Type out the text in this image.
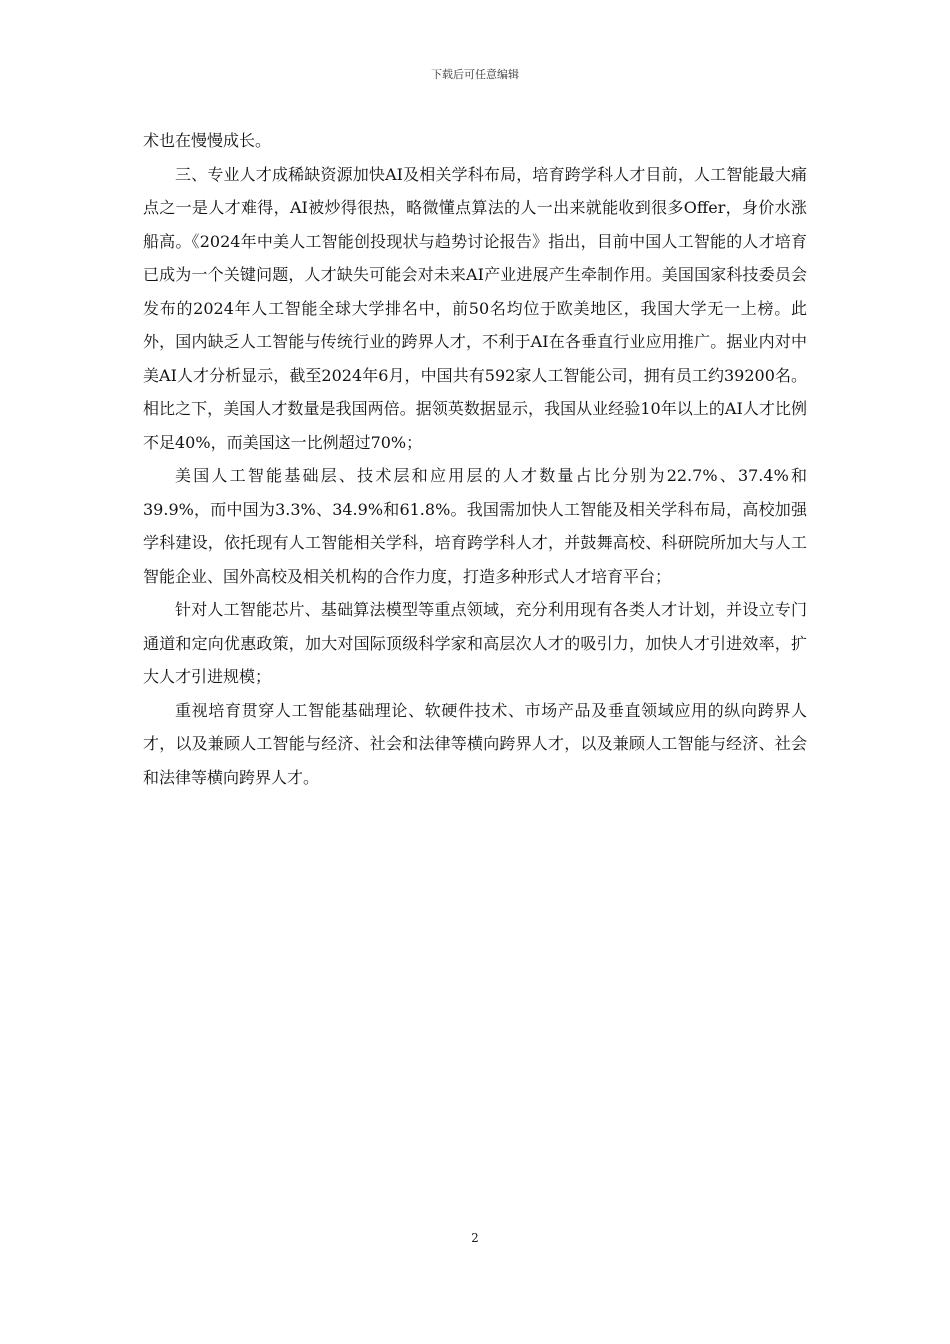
下载后可任意编辑

术也在慢慢成长。

三、专业人才成稀缺资源加快AI及相关学科布局，培育跨学科人才目前，人工智能最大痛点之一是人才难得，AI被炒得很热，略微懂点算法的人一出来就能收到很多Offer，身价水涨船高。《2024年中美人工智能创投现状与趋势讨论报告》指出，目前中国人工智能的人才培育已成为一个关键问题，人才缺失可能会对未来AI产业进展产生牵制作用。美国国家科技委员会发布的2024年人工智能全球大学排名中，前50名均位于欧美地区，我国大学无一上榜。此外，国内缺乏人工智能与传统行业的跨界人才，不利于AI在各垂直行业应用推广。据业内对中美AI人才分析显示，截至2024年6月，中国共有592家人工智能公司，拥有员工约39200名。相比之下，美国人才数量是我国两倍。据领英数据显示，我国从业经验10年以上的AI人才比例不足40%，而美国这一比例超过70%；

美国人工智能基础层、技术层和应用层的人才数量占比分别为22.7%、37.4%和39.9%，而中国为3.3%、34.9%和61.8%。我国需加快人工智能及相关学科布局，高校加强学科建设，依托现有人工智能相关学科，培育跨学科人才，并鼓舞高校、科研院所加大与人工智能企业、国外高校及相关机构的合作力度，打造多种形式人才培育平台；

针对人工智能芯片、基础算法模型等重点领域，充分利用现有各类人才计划，并设立专门通道和定向优惠政策，加大对国际顶级科学家和高层次人才的吸引力，加快人才引进效率，扩大人才引进规模；

重视培育贯穿人工智能基础理论、软硬件技术、市场产品及垂直领域应用的纵向跨界人才，以及兼顾人工智能与经济、社会和法律等横向跨界人才，以及兼顾人工智能与经济、社会和法律等横向跨界人才。

2
